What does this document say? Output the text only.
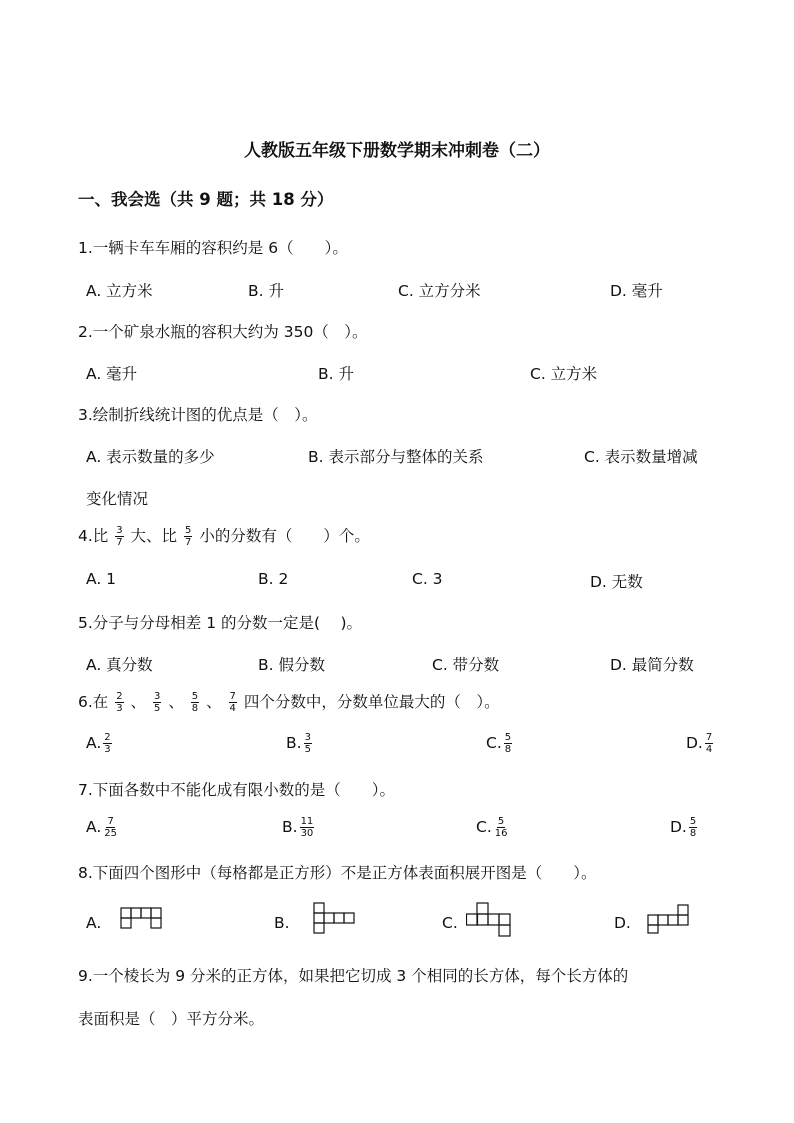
人教版五年级下册数学期末冲刺卷（二）
一、我会选（共 9 题；共 18 分）
1.一辆卡车车厢的容积约是 6（　　）。
A. 立方米	B. 升	C. 立方分米	D. 毫升
2.一个矿泉水瓶的容积大约为 350（　）。
A. 毫升	B. 升	C. 立方米
3.绘制折线统计图的优点是（　）。
A. 表示数量的多少	B. 表示部分与整体的关系	C. 表示数量增减
变化情况
4.比 $\frac{3}{7}$ 大、比 $\frac{5}{7}$ 小的分数有（　　）个。
A. 1	B. 2	C. 3	D. 无数
5.分子与分母相差 1 的分数一定是(　 )。
A. 真分数	B. 假分数	C. 带分数	D. 最简分数
6.在 $\frac{2}{3}$ 、 $\frac{3}{5}$ 、 $\frac{5}{8}$ 、 $\frac{7}{4}$ 四个分数中，分数单位最大的（　）。
A. $\frac{2}{3}$	B. $\frac{3}{5}$	C. $\frac{5}{8}$	D. $\frac{7}{4}$
7.下面各数中不能化成有限小数的是（　　）。
A. $\frac{7}{25}$	B. $\frac{11}{30}$	C. $\frac{5}{16}$	D. $\frac{5}{8}$
8.下面四个图形中（每格都是正方形）不是正方体表面积展开图是（　　）。
A.	B.	C.	D.
9.一个棱长为 9 分米的正方体，如果把它切成 3 个相同的长方体，每个长方体的
表面积是（　）平方分米。
